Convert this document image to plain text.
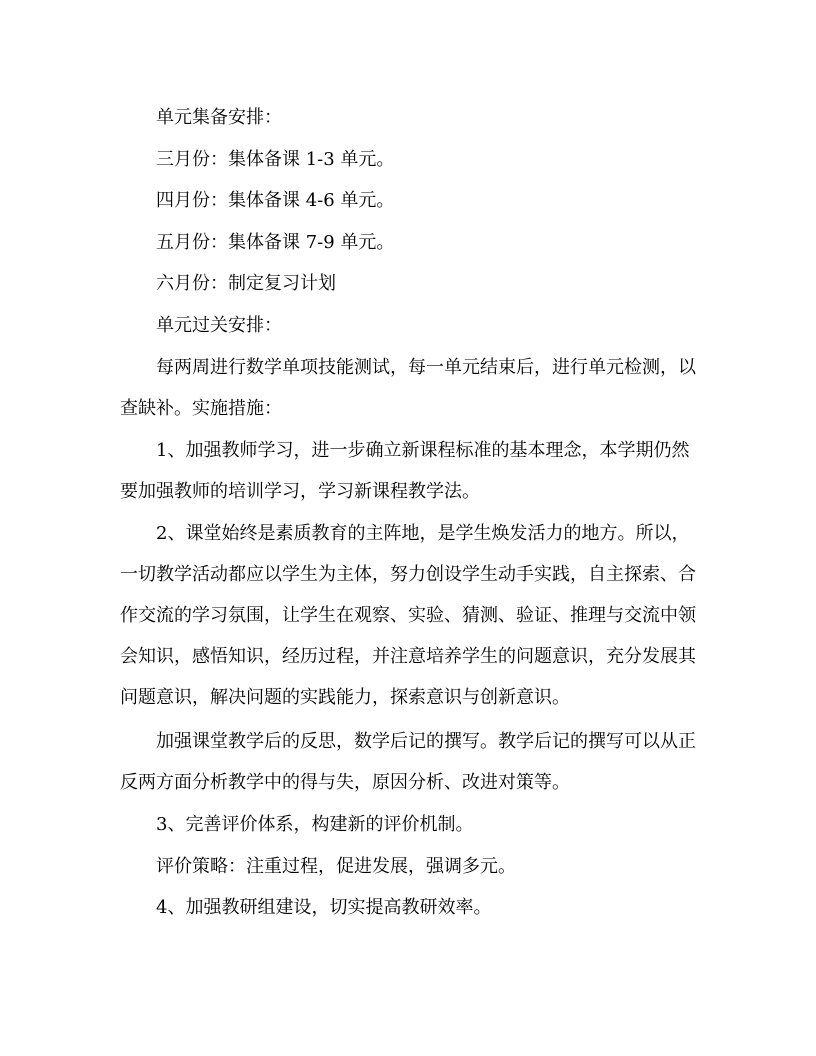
单元集备安排：

三月份：集体备课 1-3 单元。

四月份：集体备课 4-6 单元。

五月份：集体备课 7-9 单元。

六月份：制定复习计划

单元过关安排：

每两周进行数学单项技能测试，每一单元结束后，进行单元检测，以查缺补。实施措施：

1、加强教师学习，进一步确立新课程标准的基本理念，本学期仍然要加强教师的培训学习，学习新课程教学法。

2、课堂始终是素质教育的主阵地，是学生焕发活力的地方。所以，一切教学活动都应以学生为主体，努力创设学生动手实践，自主探索、合作交流的学习氛围，让学生在观察、实验、猜测、验证、推理与交流中领会知识，感悟知识，经历过程，并注意培养学生的问题意识，充分发展其问题意识，解决问题的实践能力，探索意识与创新意识。

加强课堂教学后的反思，数学后记的撰写。教学后记的撰写可以从正反两方面分析教学中的得与失，原因分析、改进对策等。

3、完善评价体系，构建新的评价机制。

评价策略：注重过程，促进发展，强调多元。

4、加强教研组建设，切实提高教研效率。
